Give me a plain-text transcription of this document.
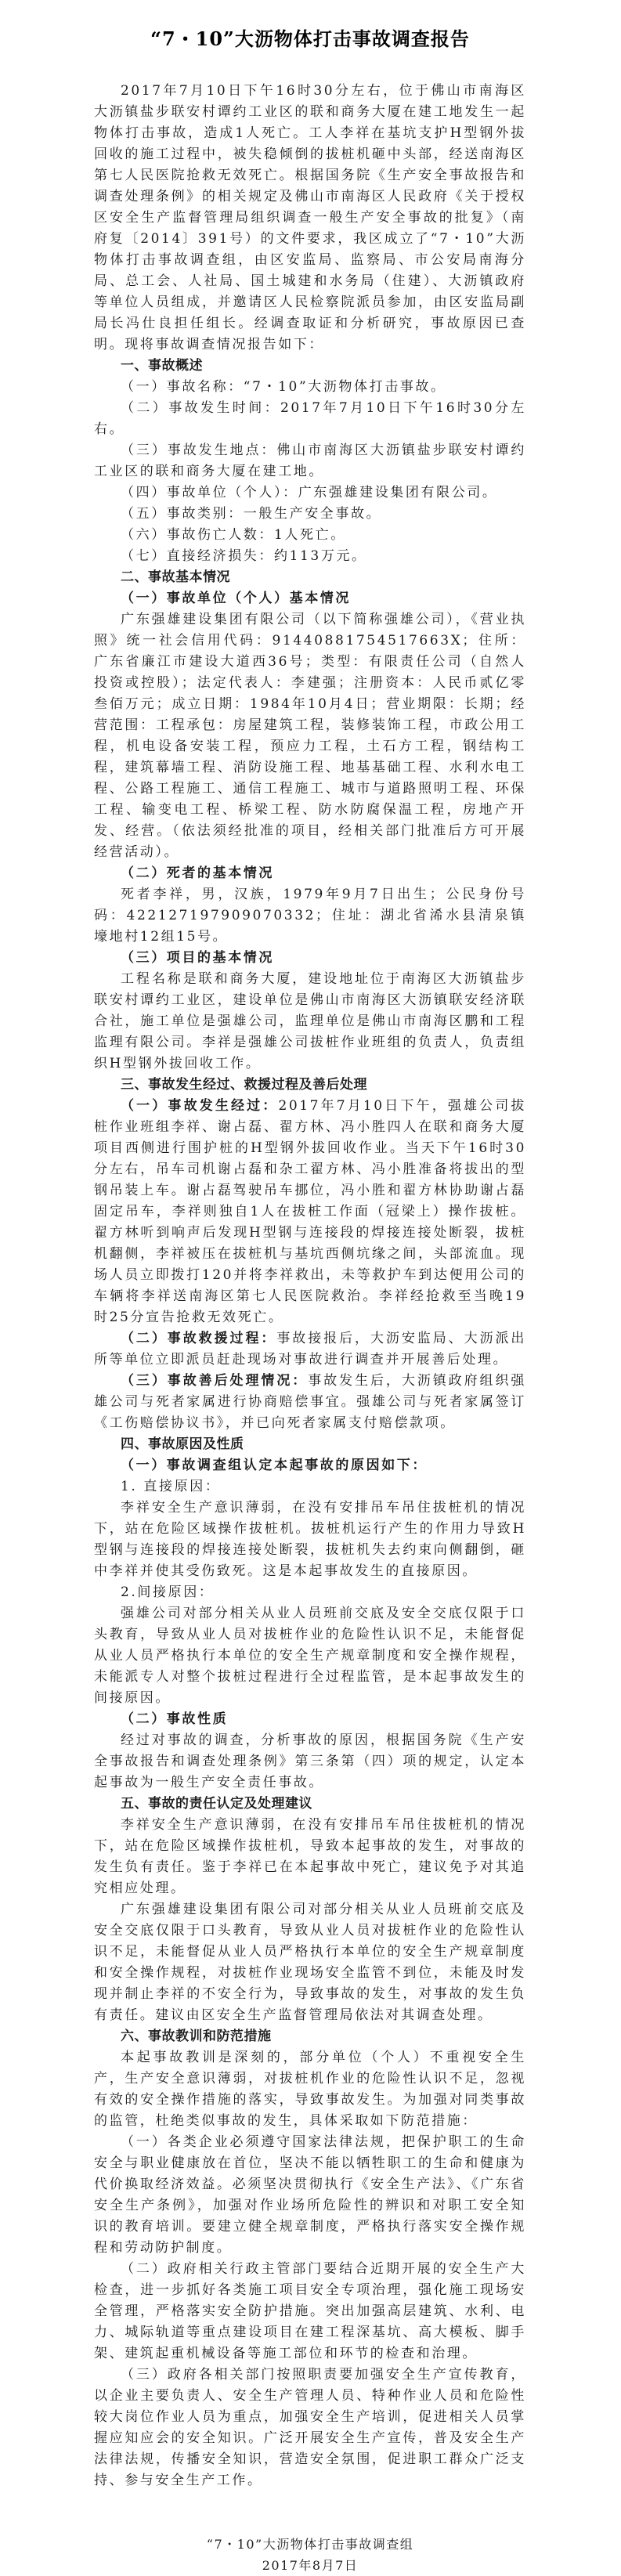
“7・10”大沥物体打击事故调查报告

2017年7月10日下午16时30分左右，位于佛山市南海区大沥镇盐步联安村谭约工业区的联和商务大厦在建工地发生一起物体打击事故，造成1人死亡。工人李祥在基坑支护H型钢外拔回收的施工过程中，被失稳倾倒的拔桩机砸中头部，经送南海区第七人民医院抢救无效死亡。根据国务院《生产安全事故报告和调查处理条例》的相关规定及佛山市南海区人民政府《关于授权区安全生产监督管理局组织调查一般生产安全事故的批复》（南府复〔2014〕391号）的文件要求，我区成立了“7・10”大沥物体打击事故调查组，由区安监局、监察局、市公安局南海分局、总工会、人社局、国土城建和水务局（住建）、大沥镇政府等单位人员组成，并邀请区人民检察院派员参加，由区安监局副局长冯仕良担任组长。经调查取证和分析研究，事故原因已查明。现将事故调查情况报告如下：

一、事故概述

（一）事故名称：“7・10”大沥物体打击事故。

（二）事故发生时间：2017年7月10日下午16时30分左右。

（三）事故发生地点：佛山市南海区大沥镇盐步联安村谭约工业区的联和商务大厦在建工地。

（四）事故单位（个人）：广东强雄建设集团有限公司。

（五）事故类别：一般生产安全事故。

（六）事故伤亡人数：1人死亡。

（七）直接经济损失：约113万元。

二、事故基本情况
（一）事故单位（个人）基本情况

广东强雄建设集团有限公司（以下简称强雄公司），《营业执照》统一社会信用代码：91440881754517663X；住所：广东省廉江市建设大道西36号；类型：有限责任公司（自然人投资或控股）；法定代表人：李建强；注册资本：人民币贰亿零叁佰万元；成立日期：1984年10月4日；营业期限：长期；经营范围：工程承包：房屋建筑工程，装修装饰工程，市政公用工程，机电设备安装工程，预应力工程，土石方工程，钢结构工程，建筑幕墙工程、消防设施工程、地基基础工程、水利水电工程、公路工程施工、通信工程施工、城市与道路照明工程、环保工程、输变电工程、桥梁工程、防水防腐保温工程，房地产开发、经营。（依法须经批准的项目，经相关部门批准后方可开展经营活动）。

（二）死者的基本情况

死者李祥，男，汉族，1979年9月7日出生；公民身份号码：422127197909070332；住址：湖北省浠水县清泉镇壕地村12组15号。

（三）项目的基本情况

工程名称是联和商务大厦，建设地址位于南海区大沥镇盐步联安村谭约工业区，建设单位是佛山市南海区大沥镇联安经济联合社，施工单位是强雄公司，监理单位是佛山市南海区鹏和工程监理有限公司。李祥是强雄公司拔桩作业班组的负责人，负责组织H型钢外拔回收工作。

三、事故发生经过、救援过程及善后处理

（一）事故发生经过：2017年7月10日下午，强雄公司拔桩作业班组李祥、谢占磊、翟方林、冯小胜四人在联和商务大厦项目西侧进行围护桩的H型钢外拔回收作业。当天下午16时30分左右，吊车司机谢占磊和杂工翟方林、冯小胜准备将拔出的型钢吊装上车。谢占磊驾驶吊车挪位，冯小胜和翟方林协助谢占磊固定吊车，李祥则独自1人在拔桩工作面（冠梁上）操作拔桩。翟方林听到响声后发现H型钢与连接段的焊接连接处断裂，拔桩机翻侧，李祥被压在拔桩机与基坑西侧坑缘之间，头部流血。现场人员立即拨打120并将李祥救出，未等救护车到达便用公司的车辆将李祥送南海区第七人民医院救治。李祥经抢救至当晚19时25分宣告抢救无效死亡。

（二）事故救援过程：事故接报后，大沥安监局、大沥派出所等单位立即派员赶赴现场对事故进行调查并开展善后处理。

（三）事故善后处理情况：事故发生后，大沥镇政府组织强雄公司与死者家属进行协商赔偿事宜。强雄公司与死者家属签订《工伤赔偿协议书》，并已向死者家属支付赔偿款项。

四、事故原因及性质
（一）事故调查组认定本起事故的原因如下：

1. 直接原因：

李祥安全生产意识薄弱，在没有安排吊车吊住拔桩机的情况下，站在危险区域操作拔桩机。拔桩机运行产生的作用力导致H型钢与连接段的焊接连接处断裂，拔桩机失去约束向侧翻倒，砸中李祥并使其受伤致死。这是本起事故发生的直接原因。

2.间接原因：

强雄公司对部分相关从业人员班前交底及安全交底仅限于口头教育，导致从业人员对拔桩作业的危险性认识不足，未能督促从业人员严格执行本单位的安全生产规章制度和安全操作规程，未能派专人对整个拔桩过程进行全过程监管，是本起事故发生的间接原因。

（二）事故性质

经过对事故的调查，分析事故的原因，根据国务院《生产安全事故报告和调查处理条例》第三条第（四）项的规定，认定本起事故为一般生产安全责任事故。

五、事故的责任认定及处理建议

李祥安全生产意识薄弱，在没有安排吊车吊住拔桩机的情况下，站在危险区域操作拔桩机，导致本起事故的发生，对事故的发生负有责任。鉴于李祥已在本起事故中死亡，建议免予对其追究相应处理。

广东强雄建设集团有限公司对部分相关从业人员班前交底及安全交底仅限于口头教育，导致从业人员对拔桩作业的危险性认识不足，未能督促从业人员严格执行本单位的安全生产规章制度和安全操作规程，对拔桩作业现场安全监管不到位，未能及时发现并制止李祥的不安全行为，导致事故的发生，对事故的发生负有责任。建议由区安全生产监督管理局依法对其调查处理。

六、事故教训和防范措施

本起事故教训是深刻的，部分单位（个人）不重视安全生产，生产安全意识薄弱，对拔桩机作业的危险性认识不足，忽视有效的安全操作措施的落实，导致事故发生。为加强对同类事故的监管，杜绝类似事故的发生，具体采取如下防范措施：

（一）各类企业必须遵守国家法律法规，把保护职工的生命安全与职业健康放在首位，坚决不能以牺牲职工的生命和健康为代价换取经济效益。必须坚决贯彻执行《安全生产法》、《广东省安全生产条例》，加强对作业场所危险性的辨识和对职工安全知识的教育培训。要建立健全规章制度，严格执行落实安全操作规程和劳动防护制度。

（二）政府相关行政主管部门要结合近期开展的安全生产大检查，进一步抓好各类施工项目安全专项治理，强化施工现场安全管理，严格落实安全防护措施。突出加强高层建筑、水利、电力、城际轨道等重点建设项目在建工程深基坑、高大模板、脚手架、建筑起重机械设备等施工部位和环节的检查和治理。

（三）政府各相关部门按照职责要加强安全生产宣传教育，以企业主要负责人、安全生产管理人员、特种作业人员和危险性较大岗位作业人员为重点，加强安全生产培训，促进相关人员掌握应知应会的安全知识。广泛开展安全生产宣传，普及安全生产法律法规，传播安全知识，营造安全氛围，促进职工群众广泛支持、参与安全生产工作。

“7・10”大沥物体打击事故调查组
2017年8月7日
